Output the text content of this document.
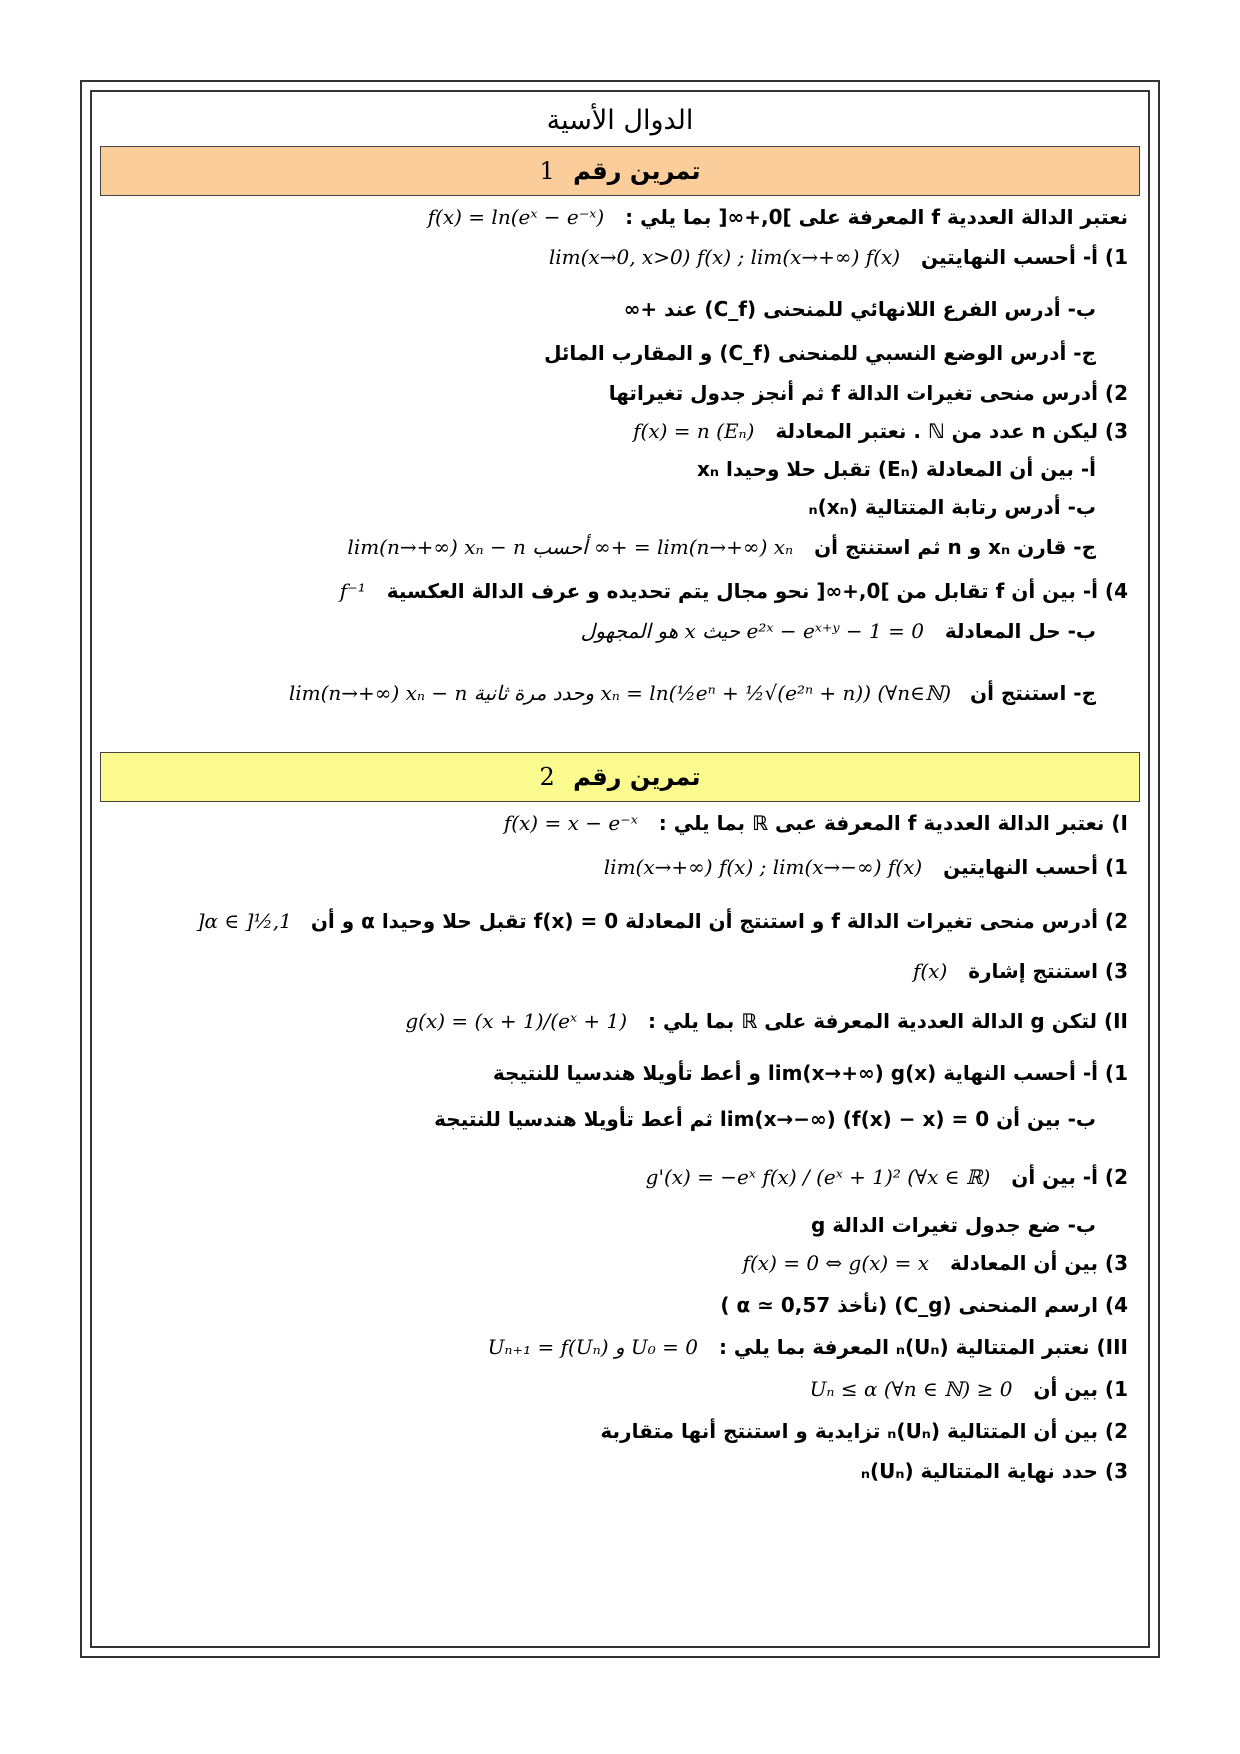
الدوال الأسية
تمرين رقم 1
نعتبر الدالة العددية f المعرفة على ]0,+∞[ بما يلي : f(x) = ln(eˣ − e⁻ˣ)
1) أ- أحسب النهايتين lim(x→0, x>0) f(x) ; lim(x→+∞) f(x)
ب- أدرس الفرع اللانهائي للمنحنى (C_f) عند +∞
ج- أدرس الوضع النسبي للمنحنى (C_f) و المقارب المائل
2) أدرس منحى تغيرات الدالة f ثم أنجز جدول تغيراتها
3) ليكن n عدد من ℕ . نعتبر المعادلة f(x) = n (Eₙ)
أ- بين أن المعادلة (Eₙ) تقبل حلا وحيدا xₙ
ب- أدرس رتابة المتتالية (xₙ)ₙ
ج- قارن xₙ و n ثم استنتج أن lim(n→+∞) xₙ = +∞ أحسب lim(n→+∞) xₙ − n
4) أ- بين أن f تقابل من ]0,+∞[ نحو مجال يتم تحديده و عرف الدالة العكسية f⁻¹
ب- حل المعادلة e²ˣ − eˣ⁺ʸ − 1 = 0 حيث x هو المجهول
ج- استنتج أن xₙ = ln(½eⁿ + ½√(e²ⁿ + n)) (∀n∈ℕ) وحدد مرة ثانية lim(n→+∞) xₙ − n
تمرين رقم 2
I) نعتبر الدالة العددية f المعرفة عبى ℝ بما يلي : f(x) = x − e⁻ˣ
1) أحسب النهايتين lim(x→+∞) f(x) ; lim(x→−∞) f(x)
2) أدرس منحى تغيرات الدالة f و استنتج أن المعادلة f(x) = 0 تقبل حلا وحيدا α و أن α ∈ ]½,1[
3) استنتج إشارة f(x)
II) لتكن g الدالة العددية المعرفة على ℝ بما يلي : g(x) = (x + 1)/(eˣ + 1)
1) أ- أحسب النهاية lim(x→+∞) g(x) و أعط تأويلا هندسيا للنتيجة
ب- بين أن lim(x→−∞) (f(x) − x) = 0 ثم أعط تأويلا هندسيا للنتيجة
2) أ- بين أن g'(x) = −eˣ f(x) / (eˣ + 1)² (∀x ∈ ℝ)
ب- ضع جدول تغيرات الدالة g
3) بين أن المعادلة f(x) = 0 ⇔ g(x) = x
4) ارسم المنحنى (C_g) (نأخذ α ≃ 0,57 )
III) نعتبر المتتالية (Uₙ)ₙ المعرفة بما يلي : U₀ = 0 و Uₙ₊₁ = f(Uₙ)
1) بين أن 0 ≤ Uₙ ≤ α (∀n ∈ ℕ)
2) بين أن المتتالية (Uₙ)ₙ تزايدية و استنتج أنها متقاربة
3) حدد نهاية المتتالية (Uₙ)ₙ
